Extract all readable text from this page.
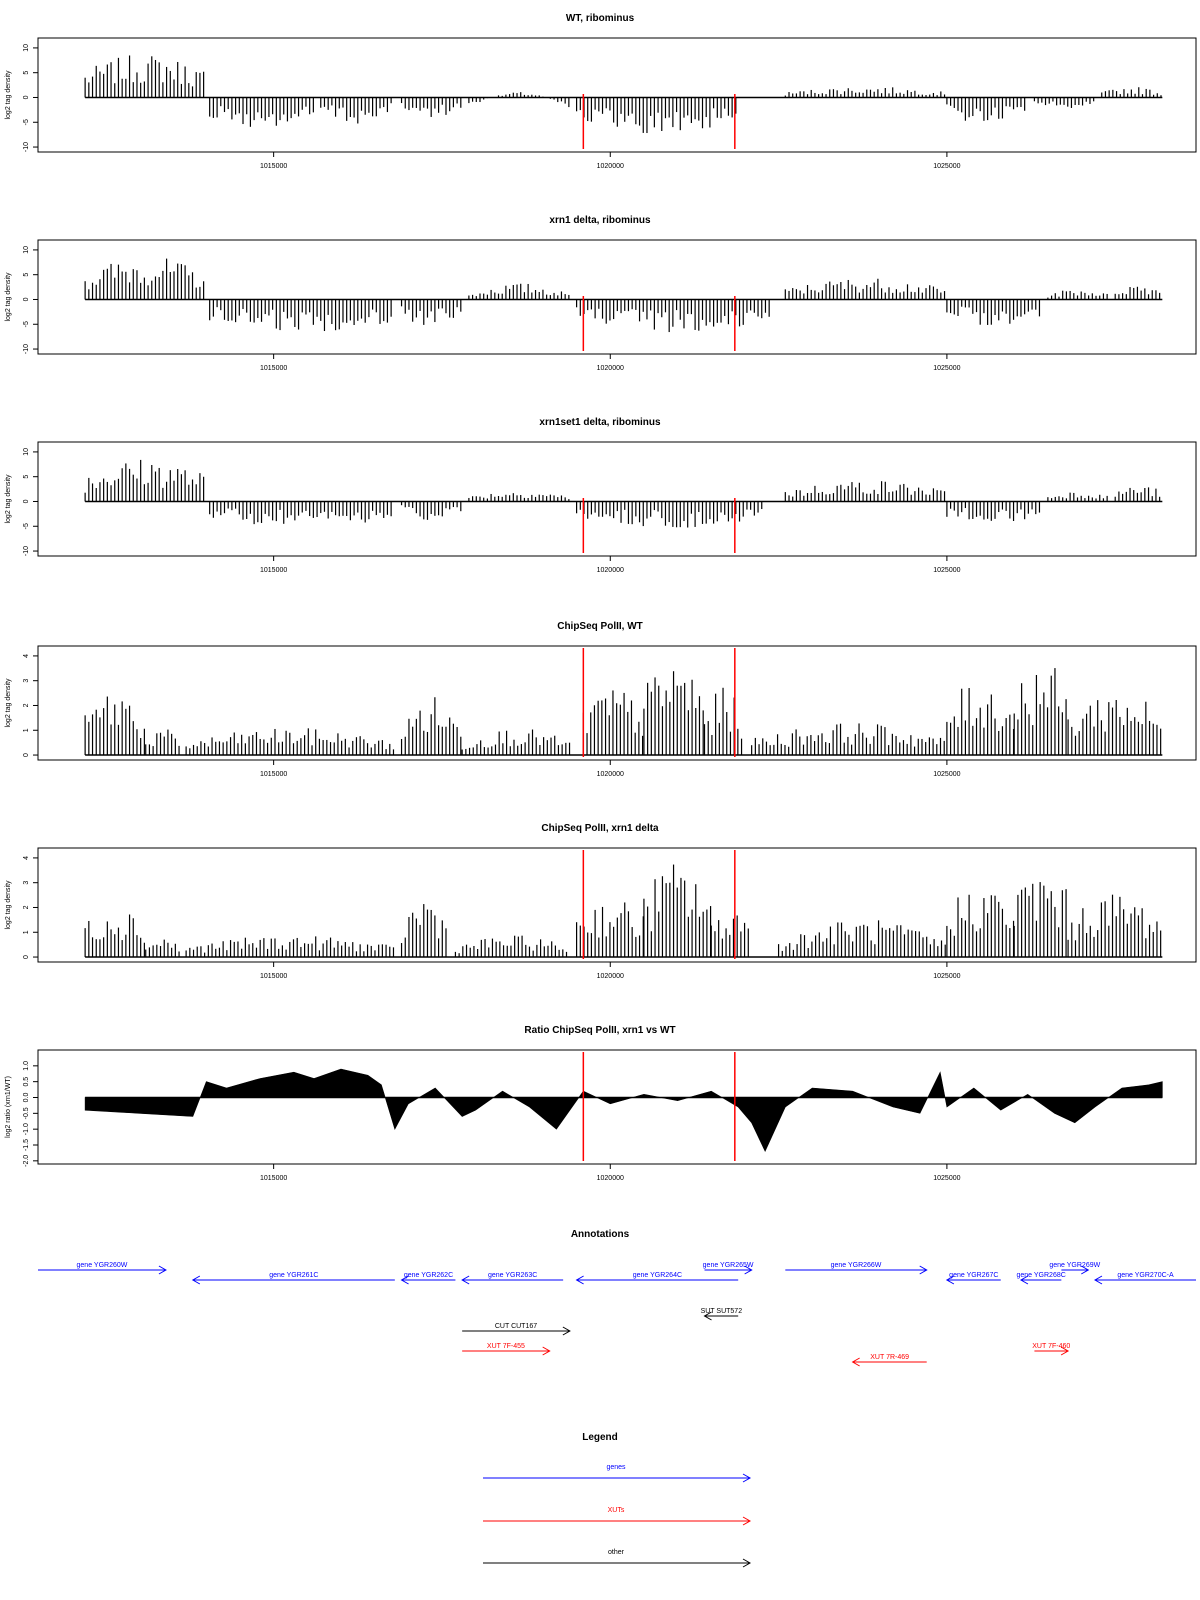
WT, ribominus
log2 tag density
10
5
0
-5
-10
1015000	1020000	1025000
xrn1 delta, ribominus
log2 tag density
10
5
0
-5
-10
1015000	1020000	1025000
xrn1set1 delta, ribominus
log2 tag density
10
5
0
-5
-10
1015000	1020000	1025000
ChipSeq PolII, WT
log2 tag density
4
3
2
1
0
1015000	1020000	1025000
ChipSeq PolII, xrn1 delta
log2 tag density
4
3
2
1
0
1015000	1020000	1025000
Ratio ChipSeq PolII, xrn1 vs WT
log2 ratio (xrn1/WT)
1.0
0.5
0.0
-0.5
-1.0
-1.5
-2.0
1015000	1020000	1025000
Annotations
gene YGR260W
gene YGR261C	gene YGR262C	gene YGR263C	gene YGR264C
gene YGR265W	gene YGR266W
gene YGR267C	gene YGR268C
gene YGR269W
gene YGR270C-A
SUT SUT572
CUT CUT167
XUT 7F-455
XUT 7R-469
XUT 7F-460
Legend
genes
XUTs
other
